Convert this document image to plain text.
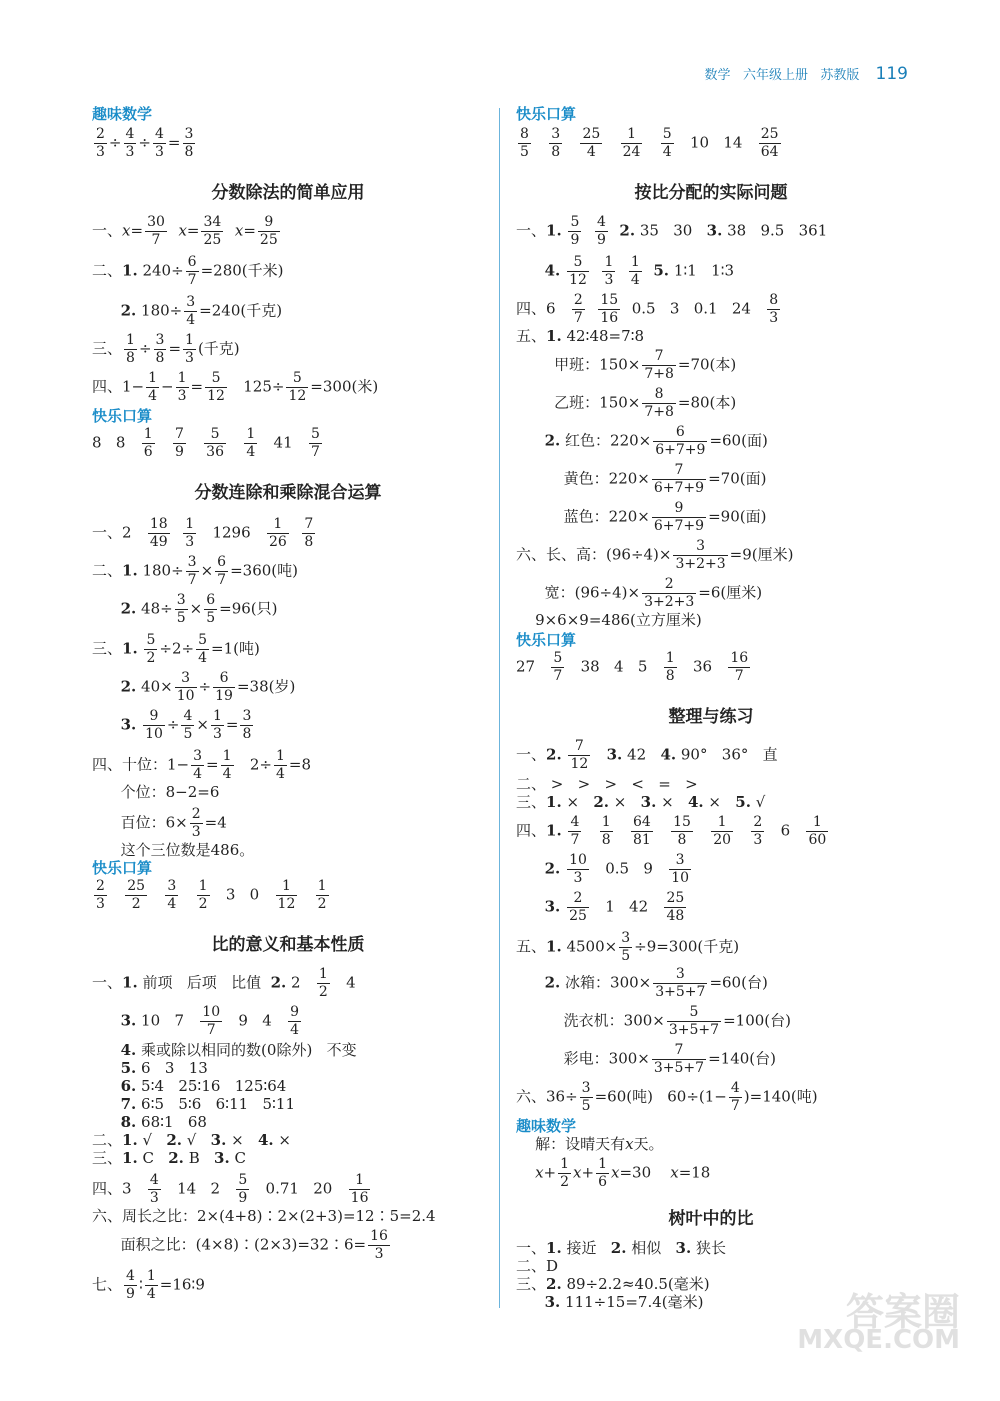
数学 六年级上册 苏教版 119
趣味数学
$\frac{2}{3} \div \frac{4}{3} \div \frac{4}{3} = \frac{3}{8}$
分数除法的简单应用
一、$x= \frac{30}{7} x= \frac{34}{25} x= \frac{9}{25}$
二、1. $240\div \frac{6}{7} =280$(千米)
2. $180\div \frac{3}{4} =240$(千克)
三、 $\frac{1}{8} \div \frac{3}{8} = \frac{1}{3}$ (千克)
四、$1- \frac{1}{4} - \frac{1}{3} = \frac{5}{12} 125\div \frac{5}{12} =300$(米)
快乐口算
8   $8 \frac{1}{6}$
$\frac{7}{9}$
$\frac{5}{36}$
$\frac{1}{4} 41 \frac{5}{7}$
分数连除和乘除混合运算
一、$2 \frac{18}{49}$
$\frac{1}{3} 1296 \frac{1}{26}$
$\frac{7}{8}$
二、1. $180\div \frac{3}{7} \times \frac{6}{7} =360$(吨)
2. $48\div \frac{3}{5} \times \frac{6}{5} =96$(只)
三、1. $\frac{5}{2} \div 2\div \frac{5}{4} =1$(吨)
2. $40\times \frac{3}{10} \div \frac{6}{19} =38$(岁)
3. $\frac{9}{10} \div \frac{4}{5} \times \frac{1}{3} = \frac{3}{8}$
四、十位：$1- \frac{3}{4} = \frac{1}{4} 2\div \frac{1}{4} =8$
个位：8−2=6
百位：$6\times \frac{2}{3} =4$
这个三位数是486。
快乐口算
$\frac{2}{3}$
$\frac{25}{2}$
$\frac{3}{4}$
$\frac{1}{2} 3$   $0 \frac{1}{12}$
$\frac{1}{2}$
比的意义和基本性质
一、1. 前项   后项   比值  2. $2 \frac{1}{2} 4$
3. 10   $7 \frac{10}{7} 9$   $4 \frac{9}{4}$
4. 乘或除以相同的数(0除外)   不变
5. 6   3   13
6. 5∶4   25∶16   125∶64
7. 6∶5   5∶6   6∶11   5∶11
8. 68∶1   68
二、1. √   2. √   3. ×   4. ×
三、1. C   2. B   3. C
四、$3 \frac{4}{3} 14$   $2 \frac{5}{9} 0.71$   $20 \frac{1}{16}$
六、周长之比：2×(4+8)∶2×(2+3)=12∶5=2.4
面积之比：(4×8)∶(2×3)=32∶6= $\frac{16}{3}$
七、 $\frac{4}{9}$ ∶ $\frac{1}{4}$ =16∶9
快乐口算
$\frac{8}{5}$
$\frac{3}{8}$
$\frac{25}{4}$
$\frac{1}{24}$
$\frac{5}{4} 10$   $14 \frac{25}{64}$
按比分配的实际问题
一、1. $\frac{5}{9}$
$\frac{4}{9} 2$. 35   30   3. 38   9.5   361
4. $\frac{5}{12}$
$\frac{1}{3}$
$\frac{1}{4} 5$. 1∶1   1∶3
四、$6 \frac{2}{7}$
$\frac{15}{16} 0.5$   3   0.1   $24 \frac{8}{3}$
五、1. 42∶48=7∶8
甲班：$150\times \frac{7}{7+8} =70$(本)
乙班：$150\times \frac{8}{7+8} =80$(本)
2. 红色：$220\times \frac{6}{6+7+9} =60$(面)
黄色：$220\times \frac{7}{6+7+9} =70$(面)
蓝色：$220\times \frac{9}{6+7+9} =90$(面)
六、长、高：$(96\div 4)\times \frac{3}{3+2+3} =9$(厘米)
宽：$(96\div 4)\times \frac{2}{3+2+3} =6$(厘米)
9×6×9=486(立方厘米)
快乐口算
$27 \frac{5}{7} 38$   4   $5 \frac{1}{8} 36 \frac{16}{7}$
整理与练习
一、2. $\frac{7}{12} 3$. 42   4. 90°   36°   直
二、 >   >   >   <   =   >
三、1. ×   2. ×   3. ×   4. ×   5. √
四、1. $\frac{4}{7}$
$\frac{1}{8}$
$\frac{64}{81}$
$\frac{15}{8}$
$\frac{1}{20}$
$\frac{2}{3} 6 \frac{1}{60}$
2. $\frac{10}{3} 0.5$   $9 \frac{3}{10}$
3. $\frac{2}{25} 1$   $42 \frac{25}{48}$
五、1. $4500\times \frac{3}{5} \div 9=300$(千克)
2. 冰箱：$300\times \frac{3}{3+5+7} =60$(台)
洗衣机：$300\times \frac{5}{3+5+7} =100$(台)
彩电：$300\times \frac{7}{3+5+7} =140$(台)
六、$36\div \frac{3}{5} =60$(吨)   $60\div(1- \frac{4}{7} )=140$(吨)
趣味数学
解：设晴天有x天。
$x+ \frac{1}{2} x+ \frac{1}{6} x=30$    x=18
树叶中的比
一、1. 接近   2. 相似   3. 狭长
二、D
三、2. 89÷2.2≈40.5(毫米)
3. 111÷15=7.4(毫米)	答案圈
MXQE.COM
